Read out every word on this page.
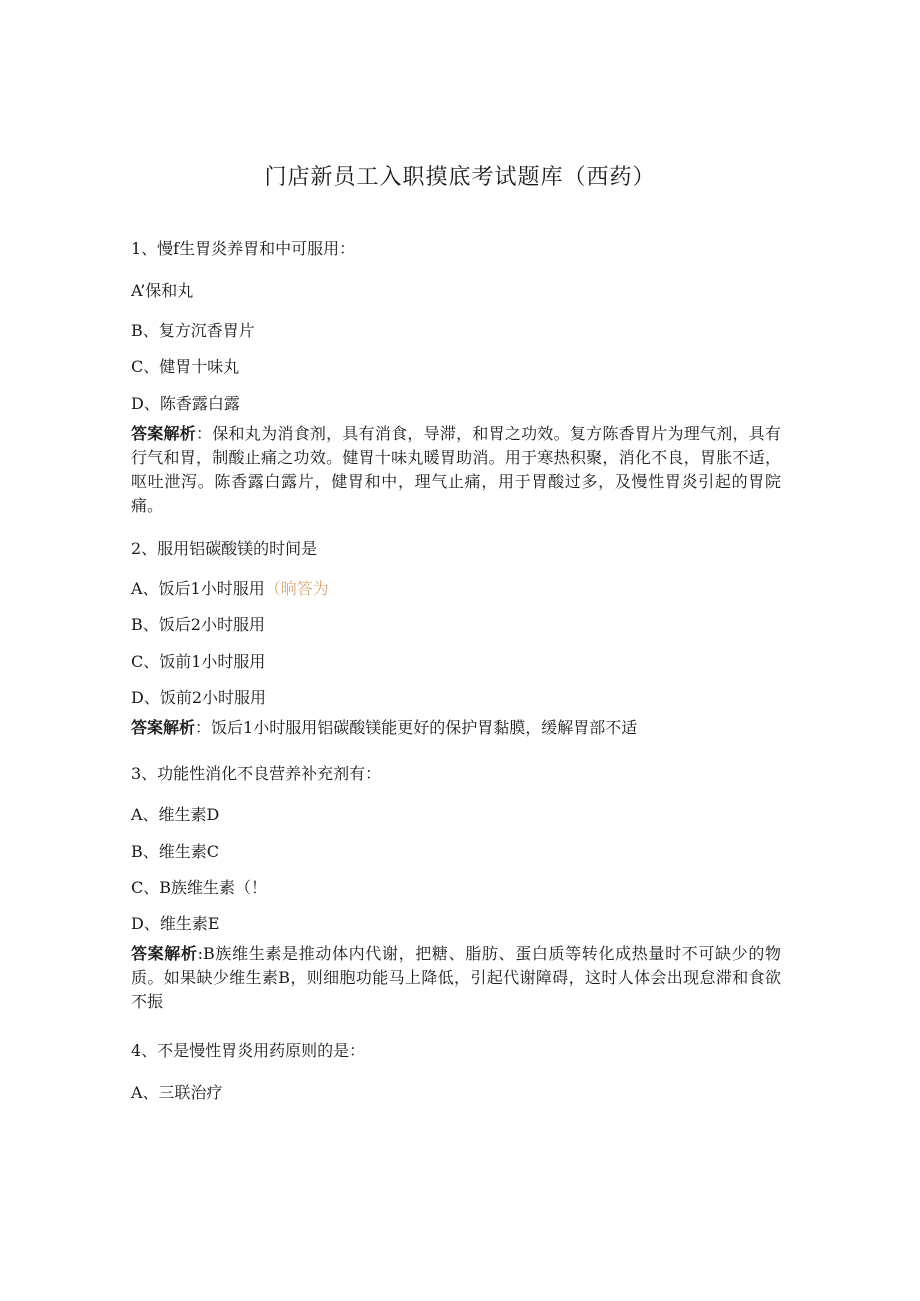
门店新员工入职摸底考试题库（西药）
1、慢f生胃炎养胃和中可服用：
A’保和丸
B、复方沉香胃片
C、健胃十味丸
D、陈香露白露
答案解析：保和丸为消食剂，具有消食，导滞，和胃之功效。复方陈香胃片为理气剂，具有行气和胃，制酸止痛之功效。健胃十味丸暖胃助消。用于寒热积聚，消化不良，胃胀不适，呕吐泄泻。陈香露白露片，健胃和中，理气止痛，用于胃酸过多，及慢性胃炎引起的胃院痛。
2、服用铝碳酸镁的时间是
A、饭后1小时服用（晌答为
B、饭后2小时服用
C、饭前1小时服用
D、饭前2小时服用
答案解析：饭后1小时服用铝碳酸镁能更好的保护胃黏膜，缓解胃部不适
3、功能性消化不良营养补充剂有：
A、维生素D
B、维生素C
C、B族维生素（！
D、维生素E
答案解析:B族维生素是推动体内代谢，把糖、脂肪、蛋白质等转化成热量时不可缺少的物质。如果缺少维生素B，则细胞功能马上降低，引起代谢障碍，这时人体会出现怠滞和食欲不振
4、不是慢性胃炎用药原则的是：
A、三联治疗
